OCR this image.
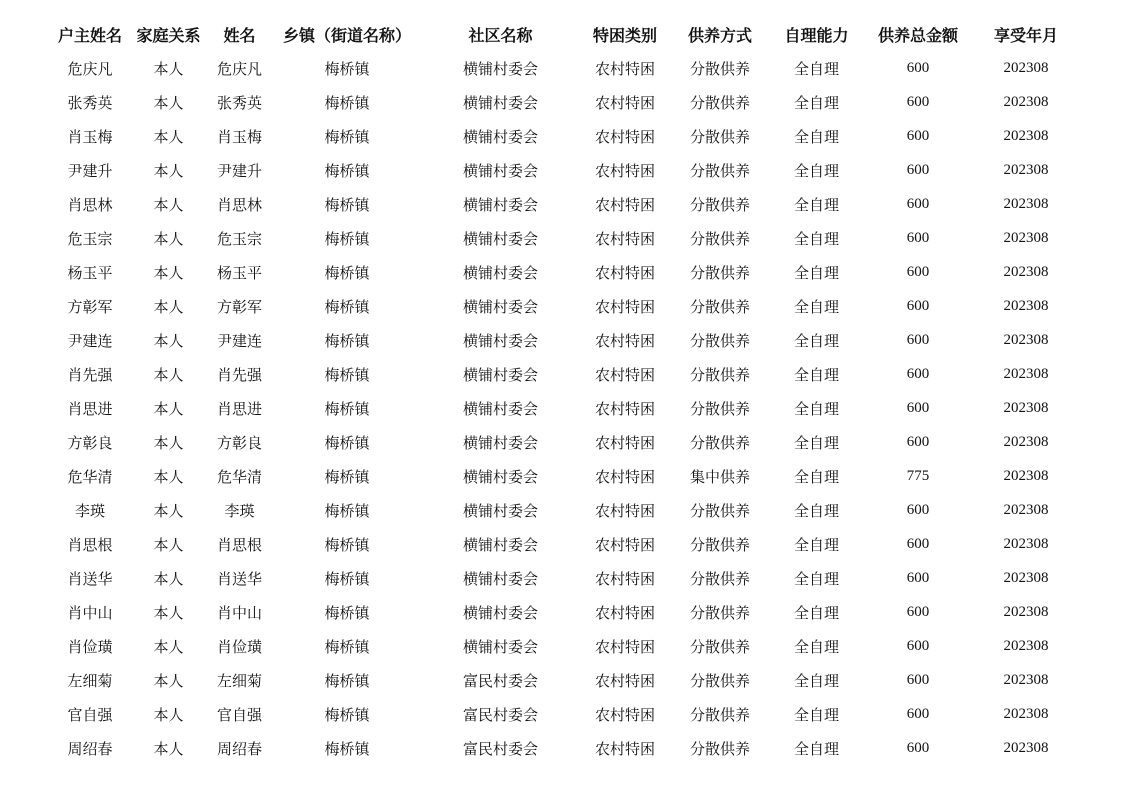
户主姓名	家庭关系	姓名	乡镇（街道名称）	社区名称	特困类别	供养方式	自理能力	供养总金额	享受年月
危庆凡	本人	危庆凡	梅桥镇	横铺村委会	农村特困	分散供养	全自理	600	202308
张秀英	本人	张秀英	梅桥镇	横铺村委会	农村特困	分散供养	全自理	600	202308
肖玉梅	本人	肖玉梅	梅桥镇	横铺村委会	农村特困	分散供养	全自理	600	202308
尹建升	本人	尹建升	梅桥镇	横铺村委会	农村特困	分散供养	全自理	600	202308
肖思林	本人	肖思林	梅桥镇	横铺村委会	农村特困	分散供养	全自理	600	202308
危玉宗	本人	危玉宗	梅桥镇	横铺村委会	农村特困	分散供养	全自理	600	202308
杨玉平	本人	杨玉平	梅桥镇	横铺村委会	农村特困	分散供养	全自理	600	202308
方彰军	本人	方彰军	梅桥镇	横铺村委会	农村特困	分散供养	全自理	600	202308
尹建连	本人	尹建连	梅桥镇	横铺村委会	农村特困	分散供养	全自理	600	202308
肖先强	本人	肖先强	梅桥镇	横铺村委会	农村特困	分散供养	全自理	600	202308
肖思进	本人	肖思进	梅桥镇	横铺村委会	农村特困	分散供养	全自理	600	202308
方彰良	本人	方彰良	梅桥镇	横铺村委会	农村特困	分散供养	全自理	600	202308
危华清	本人	危华清	梅桥镇	横铺村委会	农村特困	集中供养	全自理	775	202308
李瑛	本人	李瑛	梅桥镇	横铺村委会	农村特困	分散供养	全自理	600	202308
肖思根	本人	肖思根	梅桥镇	横铺村委会	农村特困	分散供养	全自理	600	202308
肖送华	本人	肖送华	梅桥镇	横铺村委会	农村特困	分散供养	全自理	600	202308
肖中山	本人	肖中山	梅桥镇	横铺村委会	农村特困	分散供养	全自理	600	202308
肖俭璜	本人	肖俭璜	梅桥镇	横铺村委会	农村特困	分散供养	全自理	600	202308
左细菊	本人	左细菊	梅桥镇	富民村委会	农村特困	分散供养	全自理	600	202308
官自强	本人	官自强	梅桥镇	富民村委会	农村特困	分散供养	全自理	600	202308
周绍春	本人	周绍春	梅桥镇	富民村委会	农村特困	分散供养	全自理	600	202308
